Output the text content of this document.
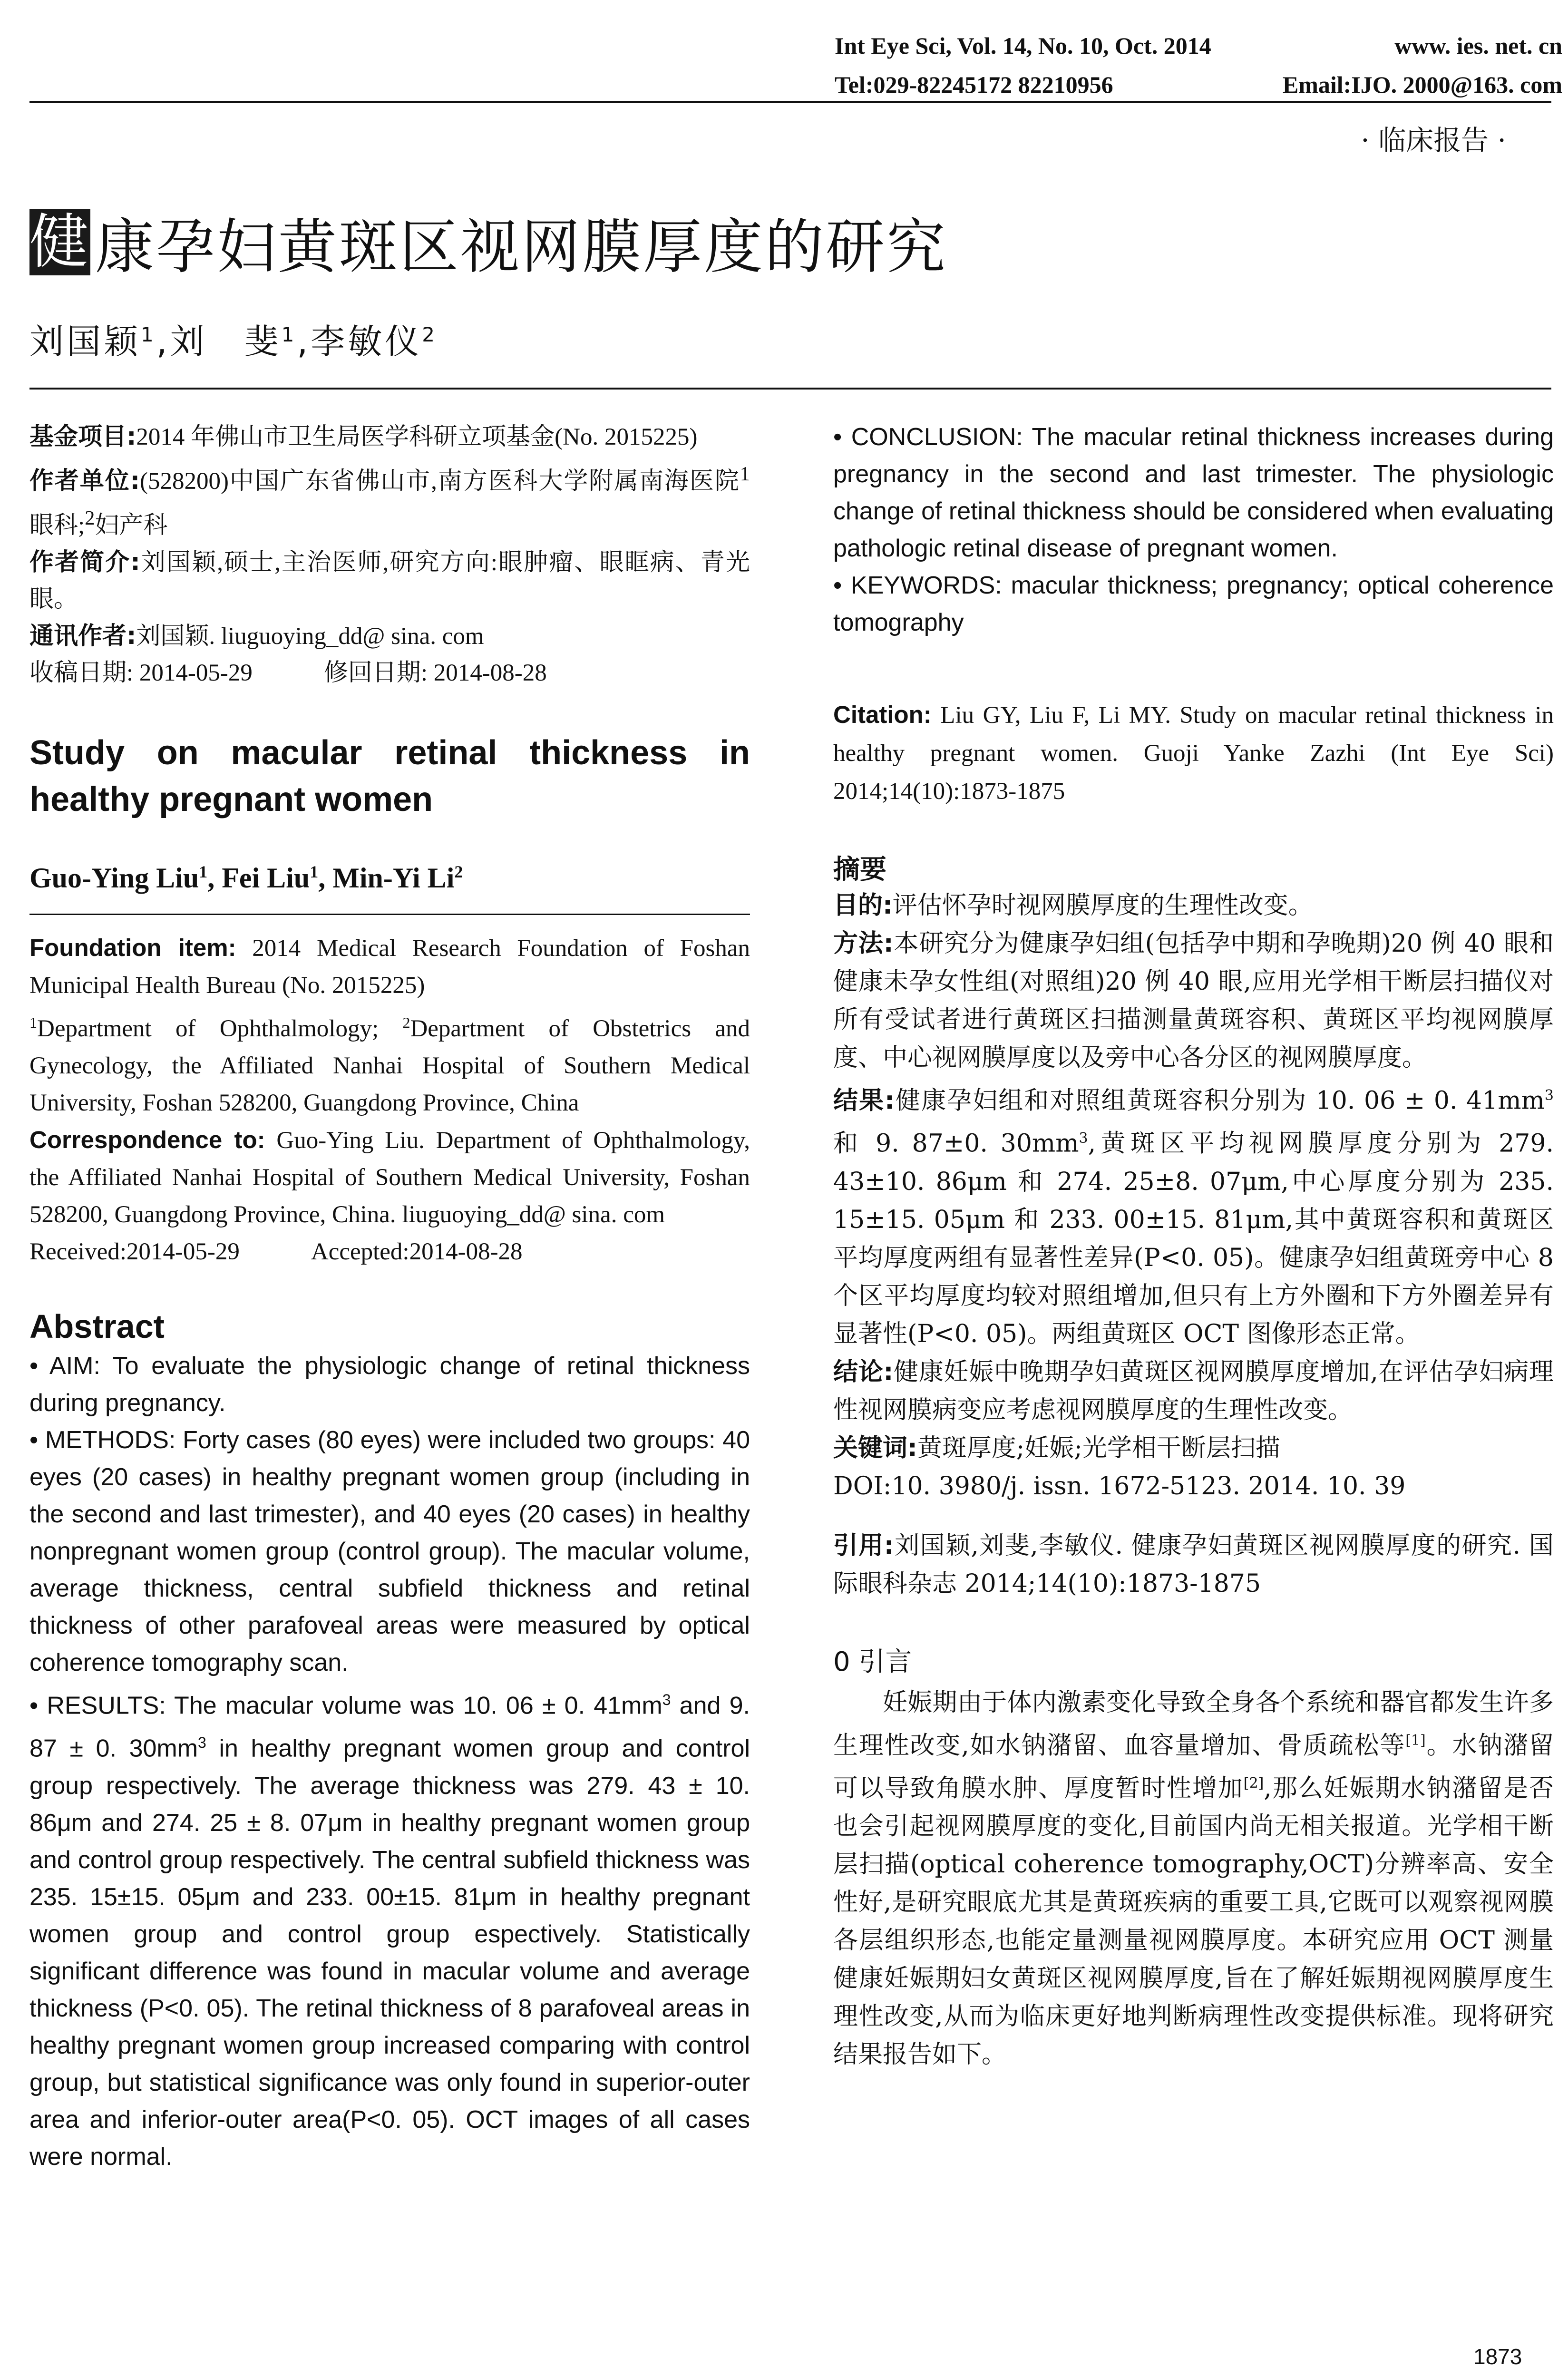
Int Eye Sci, Vol. 14, No. 10, Oct. 2014	www. ies. net. cn
Tel:029-82245172 82210956	Email:IJO. 2000@163. com
· 临床报告 ·
健 康孕妇黄斑区视网膜厚度的研究
刘国颖$^1$,刘　斐$^1$,李敏仪$^2$

基金项目:2014 年佛山市卫生局医学科研立项基金(No. 2015225)

作者单位:(528200)中国广东省佛山市,南方医科大学附属南海医院$^1$眼科;$^2$妇产科

作者简介:刘国颖,硕士,主治医师,研究方向:眼肿瘤、眼眶病、青光眼。

通讯作者:刘国颖. liuguoying_dd@ sina. com

收稿日期: 2014-05-29	修回日期: 2014-08-28

Study on macular retinal thickness in healthy pregnant women

Guo-Ying Liu$^1$, Fei Liu$^1$, Min-Yi Li$^2$

Foundation item: 2014 Medical Research Foundation of Foshan Municipal Health Bureau (No. 2015225)

$^1$Department of Ophthalmology; $^2$Department of Obstetrics and Gynecology, the Affiliated Nanhai Hospital of Southern Medical University, Foshan 528200, Guangdong Province, China

Correspondence to: Guo-Ying Liu. Department of Ophthalmology, the Affiliated Nanhai Hospital of Southern Medical University, Foshan 528200, Guangdong Province, China. liuguoying_dd@ sina. com

Received:2014-05-29	Accepted:2014-08-28

Abstract

• AIM: To evaluate the physiologic change of retinal thickness during pregnancy.

• METHODS: Forty cases (80 eyes) were included two groups: 40 eyes (20 cases) in healthy pregnant women group (including in the second and last trimester), and 40 eyes (20 cases) in healthy nonpregnant women group (control group). The macular volume, average thickness, central subfield thickness and retinal thickness of other parafoveal areas were measured by optical coherence tomography scan.

• RESULTS: The macular volume was 10. 06 ± 0. $41mm^3$ and 9. 87 ± 0. $30mm^3$ in healthy pregnant women group and control group respectively. The average thickness was 279. 43 ± 10. 86μm and 274. 25 ± 8. 07μm in healthy pregnant women group and control group respectively. The central subfield thickness was 235. 15±15. 05μm and 233. 00±15. 81μm in healthy pregnant women group and control group espectively. Statistically significant difference was found in macular volume and average thickness (P<0. 05). The retinal thickness of 8 parafoveal areas in healthy pregnant women group increased comparing with control group, but statistical significance was only found in superior-outer area and inferior-outer area(P<0. 05). OCT images of all cases were normal.

• CONCLUSION: The macular retinal thickness increases during pregnancy in the second and last trimester. The physiologic change of retinal thickness should be considered when evaluating pathologic retinal disease of pregnant women.

• KEYWORDS: macular thickness; pregnancy; optical coherence tomography

Citation: Liu GY, Liu F, Li MY. Study on macular retinal thickness in healthy pregnant women. Guoji Yanke Zazhi (Int Eye Sci) 2014;14(10):1873-1875

摘要

目的:评估怀孕时视网膜厚度的生理性改变。

方法:本研究分为健康孕妇组(包括孕中期和孕晚期)20 例 40 眼和健康未孕女性组(对照组)20 例 40 眼,应用光学相干断层扫描仪对所有受试者进行黄斑区扫描测量黄斑容积、黄斑区平均视网膜厚度、中心视网膜厚度以及旁中心各分区的视网膜厚度。

结果:健康孕妇组和对照组黄斑容积分别为 10. 06 ± 0. $41mm^3$和 9. 87±0. $30mm^3$,黄斑区平均视网膜厚度分别为 279. 43±10. 86μm 和 274. 25±8. 07μm,中心厚度分别为 235. 15±15. 05μm 和 233. 00±15. 81μm,其中黄斑容积和黄斑区平均厚度两组有显著性差异(P<0. 05)。健康孕妇组黄斑旁中心 8 个区平均厚度均较对照组增加,但只有上方外圈和下方外圈差异有显著性(P<0. 05)。两组黄斑区 OCT 图像形态正常。

结论:健康妊娠中晚期孕妇黄斑区视网膜厚度增加,在评估孕妇病理性视网膜病变应考虑视网膜厚度的生理性改变。

关键词:黄斑厚度;妊娠;光学相干断层扫描

DOI:10. 3980/j. issn. 1672-5123. 2014. 10. 39

引用:刘国颖,刘斐,李敏仪. 健康孕妇黄斑区视网膜厚度的研究. 国际眼科杂志 2014;14(10):1873-1875

0 引言

妊娠期由于体内激素变化导致全身各个系统和器官都发生许多生理性改变,如水钠潴留、血容量增加、骨质疏松等[1]。水钠潴留可以导致角膜水肿、厚度暂时性增加[2],那么妊娠期水钠潴留是否也会引起视网膜厚度的变化,目前国内尚无相关报道。光学相干断层扫描(optical coherence tomography,OCT)分辨率高、安全性好,是研究眼底尤其是黄斑疾病的重要工具,它既可以观察视网膜各层组织形态,也能定量测量视网膜厚度。本研究应用 OCT 测量健康妊娠期妇女黄斑区视网膜厚度,旨在了解妊娠期视网膜厚度生理性改变,从而为临床更好地判断病理性改变提供标准。现将研究结果报告如下。

1873
